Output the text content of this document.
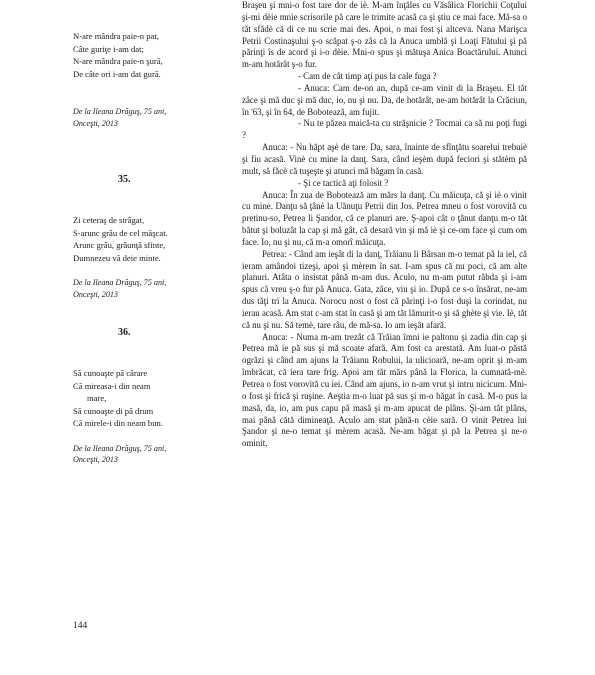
N-are mândra paie-n pat,
Câte guriţe i-am dat;
N-are mândra paie-n şură,
De câte ori i-am dat gură.

De la Ileana Drăguş, 75 ani,
Onceşti, 2013

35.

Zi ceteraş de strâgat,
S-arunc grâu de cel măşcat.
Arunc grâu, grâunţă sfinte,
Dumnezeu vă deie minte.

De la Ileana Drăguş, 75 ani,
Onceşti, 2013

36.

Să cunoaşte pă cărare
Că mireasa-i din neam
mare,
Să cunoaşte di pă drum
Că mirele-i din neam bun.

De la Ileana Drăguş, 75 ani,
Onceşti, 2013

Braşeu şi mni-o fost tare dor de iè. M-am înţăles cu Văsâlica Florichii Coţului şi-mi dèie mnie scrisorile pă care le trimite acasă ca şi ştiu ce mai face. Mă-sa o tăt sfădè că di ce nu scrie mai des. Apoi, o mai fost şi altceva. Nana Marişca Petrii Costinaşului ş-o scăpat ş-o zâs că la Anuca umblă şi Loaţi Fătului şi pă părinţi îs de acord şi i-o dèie. Mni-o spus şi mătuşa Anica Boactărului. Atunci m-am hotărât ş-o fur.

- Cam de cât timp aţi pus la cale fuga ?

- Anuca: Cam de-on an, după ce-am vinit di la Braşeu. El tăt zâce şi mă duc şi mă duc, io, nu şi nu. Da, de hotărât, ne-am hotărât la Crăciun, în '63, şi în 64, de Bobotează, am fujit.

- Nu te păzea maică-ta cu străşnicie ? Tocmai ca să nu poţi fugi ?

Anuca: - Nu hăpt aşè de tare. Da, sara, înainte de sfînţătu soarelui trebuiè şi fiu acasă. Vinè cu mine la danţ. Sara, când ieşèm după feciori şi stătèm pă mult, să făcè că tuşeşte şi atunci mă băgam în casă.

- Şi ce tactică aţi folosit ?

Anuca: În zua de Bobotează am mărs la danţ. Cu măicuţa, că şi iè o vinit cu mine. Danţu să ţânè la Uănuţu Petrii din Jos. Petrea mneu o fost vorovită cu pretinu-so, Petrea li Şandor, că ce planuri are. Ş-apoi cât o ţânut danţu m-o tăt bătut şi boluzât la cap şi mă gât, că desară vin şi mă iè şi ce-om face şi cum om face. Io, nu şi nu, că m-a omorî măicuţa.

Petrea: - Când am ieşât di la danţ, Trăianu li Bârsan m-o temat pă la iel, că ieram amândoi tizeşi, apoi şi mèrem în sat. I-am spus că nu poci, că am alte planuri. Atâta o insistat până m-am dus. Aculo, nu m-am putut răbda şi i-am spus că vreu ş-o fur pă Anuca. Gata, zâce, viu şi io. După ce s-o însărat, ne-am dus tăţi trï la Anuca. Norocu nost o fost că părinţi i-o fost duşi la corindat, nu ierau acasă. Am stat c-am stat în casă şi am tăt lămurit-o şi să ghète şi vie. Iè, tăt că nu şi nu. Să temè, tare râu, de mă-sa. Io am ieşât afară.

Anuca: - Numa m-am trezât că Trăian îmni ie paltonu şi zadia din cap şi Petrea mă ie pă sus şi mă scoate afară. Am fost ca arestată. Am luat-o păstă ogrăzi şi când am ajuns la Trăianu Robului, la ulicioară, ne-am oprit şi m-am îmbrăcat, că iera tare frig. Apoi am tăt mărs până la Florica, la cumnată-mè. Petrea o fost vorovită cu iei. Când am ajuns, io n-am vrut şi intru nicicum. Mni-o fost şi frică şi ruşine. Aeştia m-o luat pă sus şi m-o băgat în casă. M-o pus la masă, da, io, am pus capu pă masă şi m-am apucat de plâns. Şi-am tăt plâns, mai până cătă dimineaţă. Aculo am stat până-n cèie sară. O vinit Petrea lui Şandor şi ne-o temat şi mèrem acasă. Ne-am băgat şi pă la Petrea şi ne-o ominit,

144
